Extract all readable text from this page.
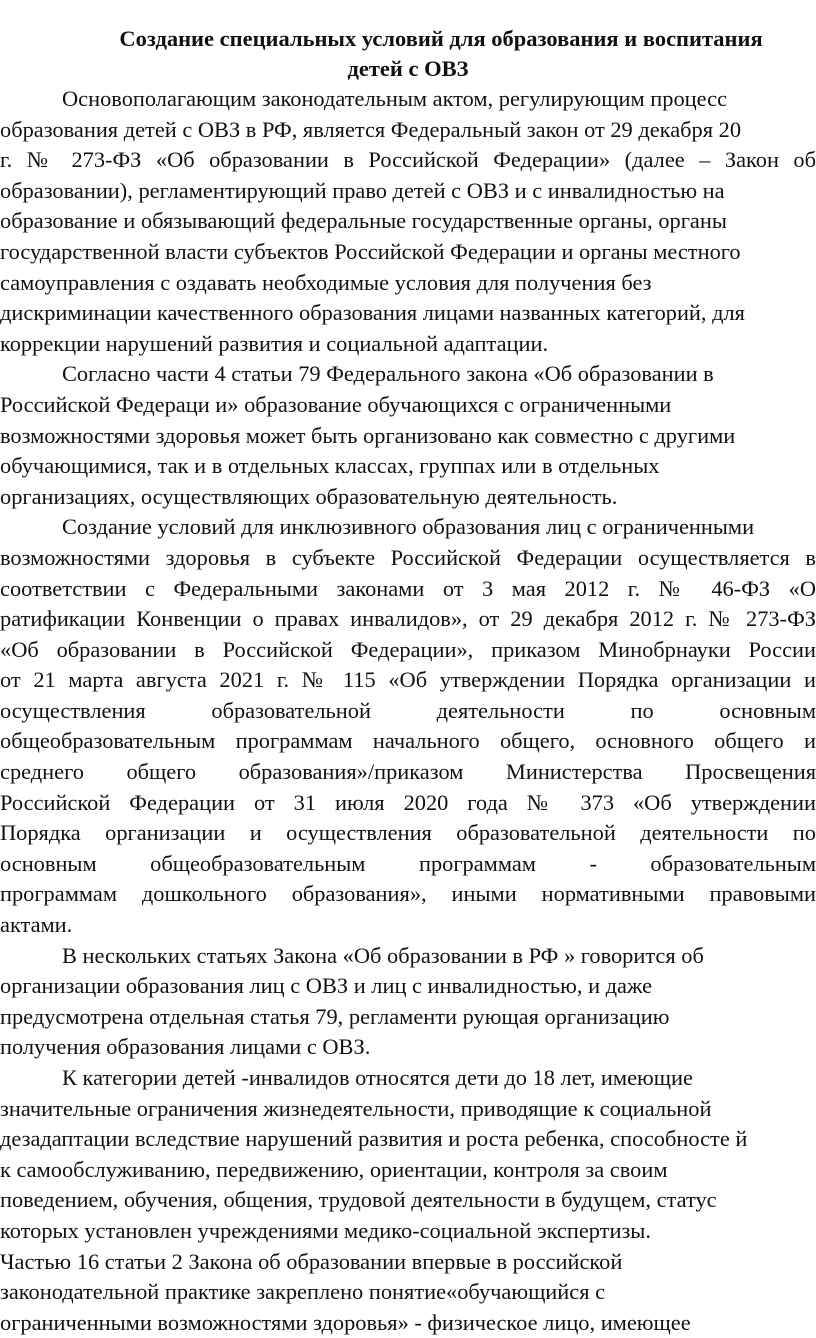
Создание специальных условий для образования и воспитания
детей с ОВЗ
Основополагающим законодательным актом, регулирующим процесс
образования детей с ОВЗ в РФ, является Федеральный закон от 29 декабря 20
г. № 273-ФЗ «Об образовании в Российской Федерации» (далее – Закон об
образовании), регламентирующий право детей с ОВЗ и с инвалидностью на
образование и обязывающий федеральные государственные органы, органы
государственной власти субъектов Российской Федерации и органы местного
самоуправления с оздавать необходимые условия для получения без
дискриминации качественного образования лицами названных категорий, для
коррекции нарушений развития и социальной адаптации.
Согласно части 4 статьи 79 Федерального закона «Об образовании в
Российской Федераци и» образование обучающихся с ограниченными
возможностями здоровья может быть организовано как совместно с другими
обучающимися, так и в отдельных классах, группах или в отдельных
организациях, осуществляющих образовательную деятельность.
Создание условий для инклюзивного образования лиц с ограниченными
возможностями здоровья в субъекте Российской Федерации осуществляется в
соответствии с Федеральными законами от 3 мая 2012 г. № 46-ФЗ «О
ратификации Конвенции о правах инвалидов», от 29 декабря 2012 г. № 273-ФЗ
«Об образовании в Российской Федерации», приказом Минобрнауки России
от 21 марта августа 2021 г. № 115 «Об утверждении Порядка организации и
осуществления образовательной деятельности по основным
общеобразовательным программам начального общего, основного общего и
среднего общего образования»/приказом Министерства Просвещения
Российской Федерации от 31 июля 2020 года № 373 «Об утверждении
Порядка организации и осуществления образовательной деятельности по
основным общеобразовательным программам - образовательным
программам дошкольного образования», иными нормативными правовыми
актами.
В нескольких статьях Закона «Об образовании в РФ » говорится об
организации образования лиц с ОВЗ и лиц с инвалидностью, и даже
предусмотрена отдельная статья 79, регламенти рующая организацию
получения образования лицами с ОВЗ.
К категории детей -инвалидов относятся дети до 18 лет, имеющие
значительные ограничения жизнедеятельности, приводящие к социальной
дезадаптации вследствие нарушений развития и роста ребенка, способносте й
к самообслуживанию, передвижению, ориентации, контроля за своим
поведением, обучения, общения, трудовой деятельности в будущем, статус
которых установлен учреждениями медико-социальной экспертизы.
Частью 16 статьи 2 Закона об образовании впервые в российской
законодательной практике закреплено понятие«обучающийся с
ограниченными возможностями здоровья» - физическое лицо, имеющее
